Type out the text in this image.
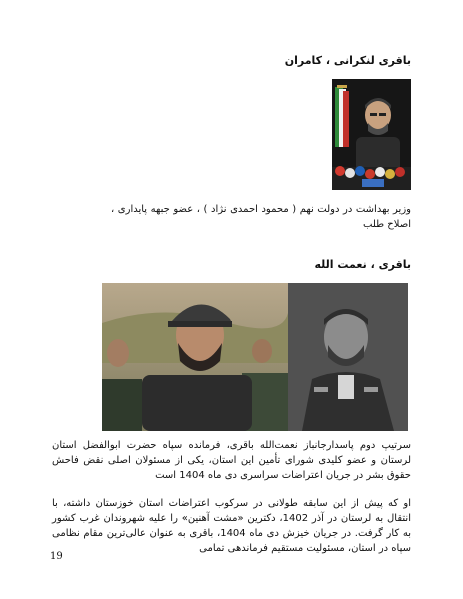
باقری لنکرانی ، کامران
وزیر بهداشت در دولت نهم ( محمود احمدی نژاد ) ، عضو جبهه پایداری ، اصلاح طلب
باقری ، نعمت الله
سرتیپ دوم پاسدارجانباز نعمت‌الله باقری، فرمانده سپاه حضرت ابوالفضل استان لرستان و عضو کلیدی شورای تأمین این استان، یکی از مسئولان اصلی نقض فاحش حقوق بشر در جریان اعتراضات سراسری دی ماه 1404 است
او که پیش از این سابقه طولانی در سرکوب اعتراضات استان خوزستان داشته، با انتقال به لرستان در آذر 1402، دکترین «مشت آهنین» را علیه شهروندان غرب کشور به کار گرفت. در جریان خیزش دی ماه 1404، باقری به عنوان عالی‌ترین مقام نظامی سپاه در استان، مسئولیت مستقیم فرماندهی تمامی
19
